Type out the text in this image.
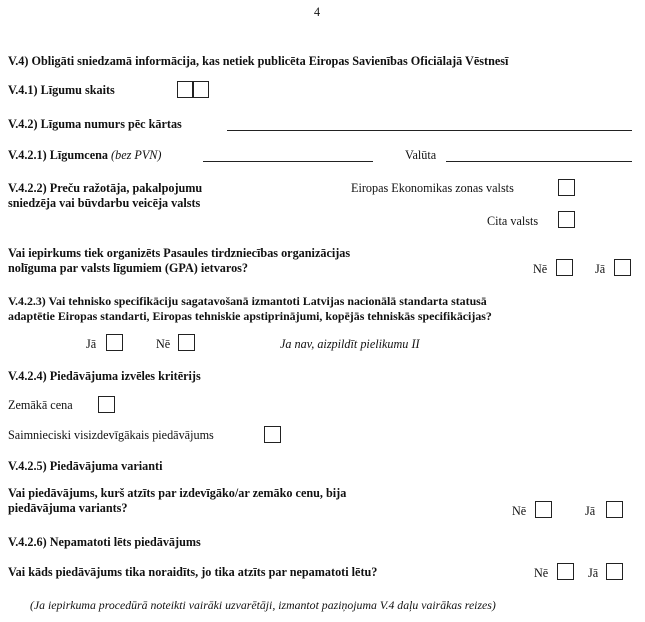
4
V.4) Obligāti sniedzamā informācija, kas netiek publicēta Eiropas Savienības Oficiālajā Vēstnesī
V.4.1) Līgumu skaits
V.4.2) Līguma numurs pēc kārtas
V.4.2.1) Līgumcena (bez PVN)	Valūta
V.4.2.2) Preču ražotāja, pakalpojumu
sniedzēja vai būvdarbu veicēja valsts
Eiropas Ekonomikas zonas valsts
Cita valsts
Vai iepirkums tiek organizēts Pasaules tirdzniecības organizācijas
nolīguma par valsts līgumiem (GPA) ietvaros?	Nē	Jā
V.4.2.3) Vai tehnisko specifikāciju sagatavošanā izmantoti Latvijas nacionālā standarta statusā
adaptētie Eiropas standarti, Eiropas tehniskie apstiprinājumi, kopējās tehniskās specifikācijas?
Jā	Nē	Ja nav, aizpildīt pielikumu II
V.4.2.4) Piedāvājuma izvēles kritērijs
Zemākā cena
Saimnieciski visizdevīgākais piedāvājums
V.4.2.5) Piedāvājuma varianti
Vai piedāvājums, kurš atzīts par izdevīgāko/ar zemāko cenu, bija
piedāvājuma variants?	Nē	Jā
V.4.2.6) Nepamatoti lēts piedāvājums
Vai kāds piedāvājums tika noraidīts, jo tika atzīts par nepamatoti lētu?	Nē	Jā
(Ja iepirkuma procedūrā noteikti vairāki uzvarētāji, izmantot paziņojuma V.4 daļu vairākas reizes)
